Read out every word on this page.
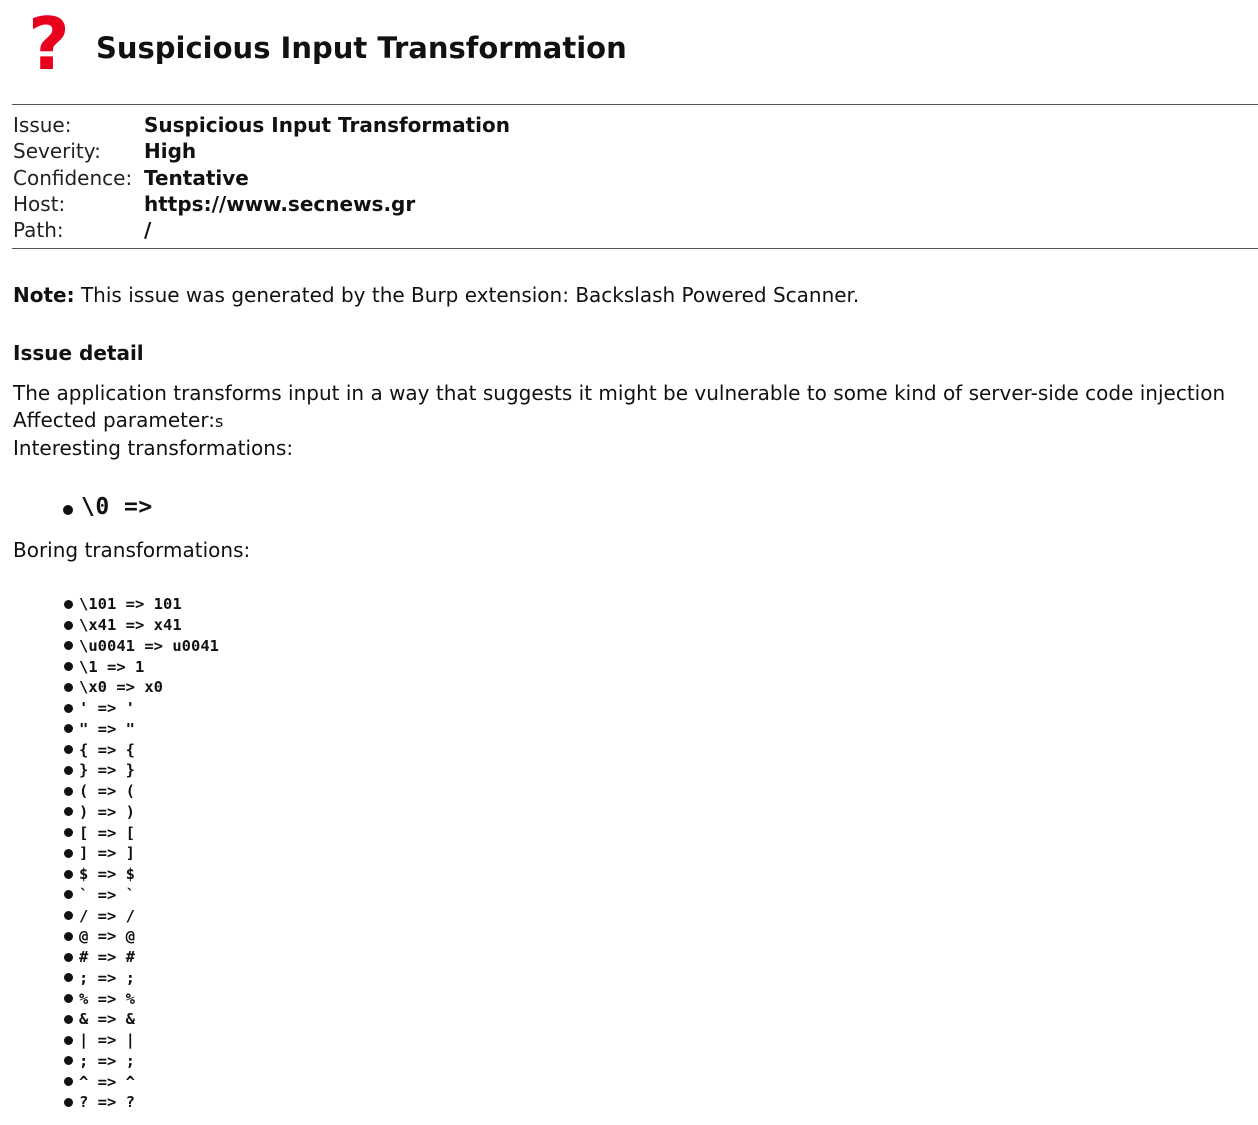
? Suspicious Input Transformation
Issue:	Suspicious Input Transformation
Severity:	High
Confidence: Tentative
Host:	https://www.secnews.gr
Path:	/
Note: This issue was generated by the Burp extension: Backslash Powered Scanner.
Issue detail
The application transforms input in a way that suggests it might be vulnerable to some kind of server-side code injection
Affected parameter:s
Interesting transformations:
\0 =>
Boring transformations:
\101 => 101
\x41 => x41
\u0041 => u0041
\1 => 1
\x0 => x0
' => '
" => "
{ => {
} => }
( => (
) => )
[ => [
] => ]
$ => $
` => `
/ => /
@ => @
# => #
; => ;
% => %
& => &
| => |
; => ;
^ => ^
? => ?
